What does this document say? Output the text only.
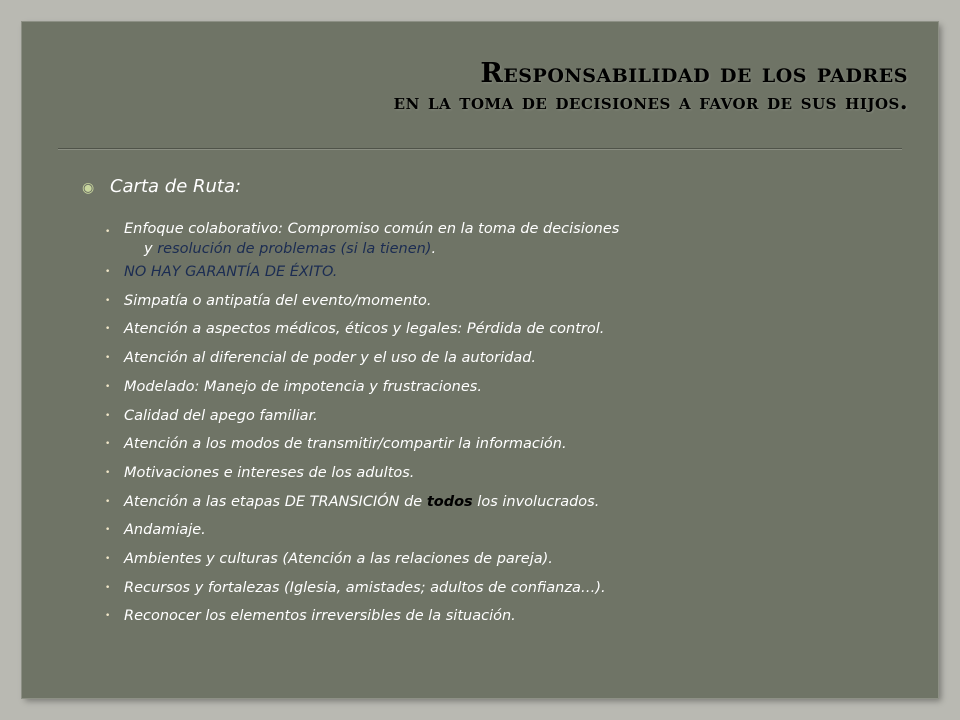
Responsabilidad de los padres
en la toma de decisiones a favor de sus hijos.
◉ Carta de Ruta:
• Enfoque colaborativo: Compromiso común en la toma de decisiones
y resolución de problemas (si la tienen).
• NO HAY GARANTÍA DE ÉXITO.
• Simpatía o antipatía del evento/momento.
• Atención a aspectos médicos, éticos y legales: Pérdida de control.
• Atención al diferencial de poder y el uso de la autoridad.
• Modelado: Manejo de impotencia y frustraciones.
• Calidad del apego familiar.
• Atención a los modos de transmitir/compartir la información.
• Motivaciones e intereses de los adultos.
• Atención a las etapas DE TRANSICIÓN de todos los involucrados.
• Andamiaje.
• Ambientes y culturas (Atención a las relaciones de pareja).
• Recursos y fortalezas (Iglesia, amistades; adultos de confianza…).
• Reconocer los elementos irreversibles de la situación.
